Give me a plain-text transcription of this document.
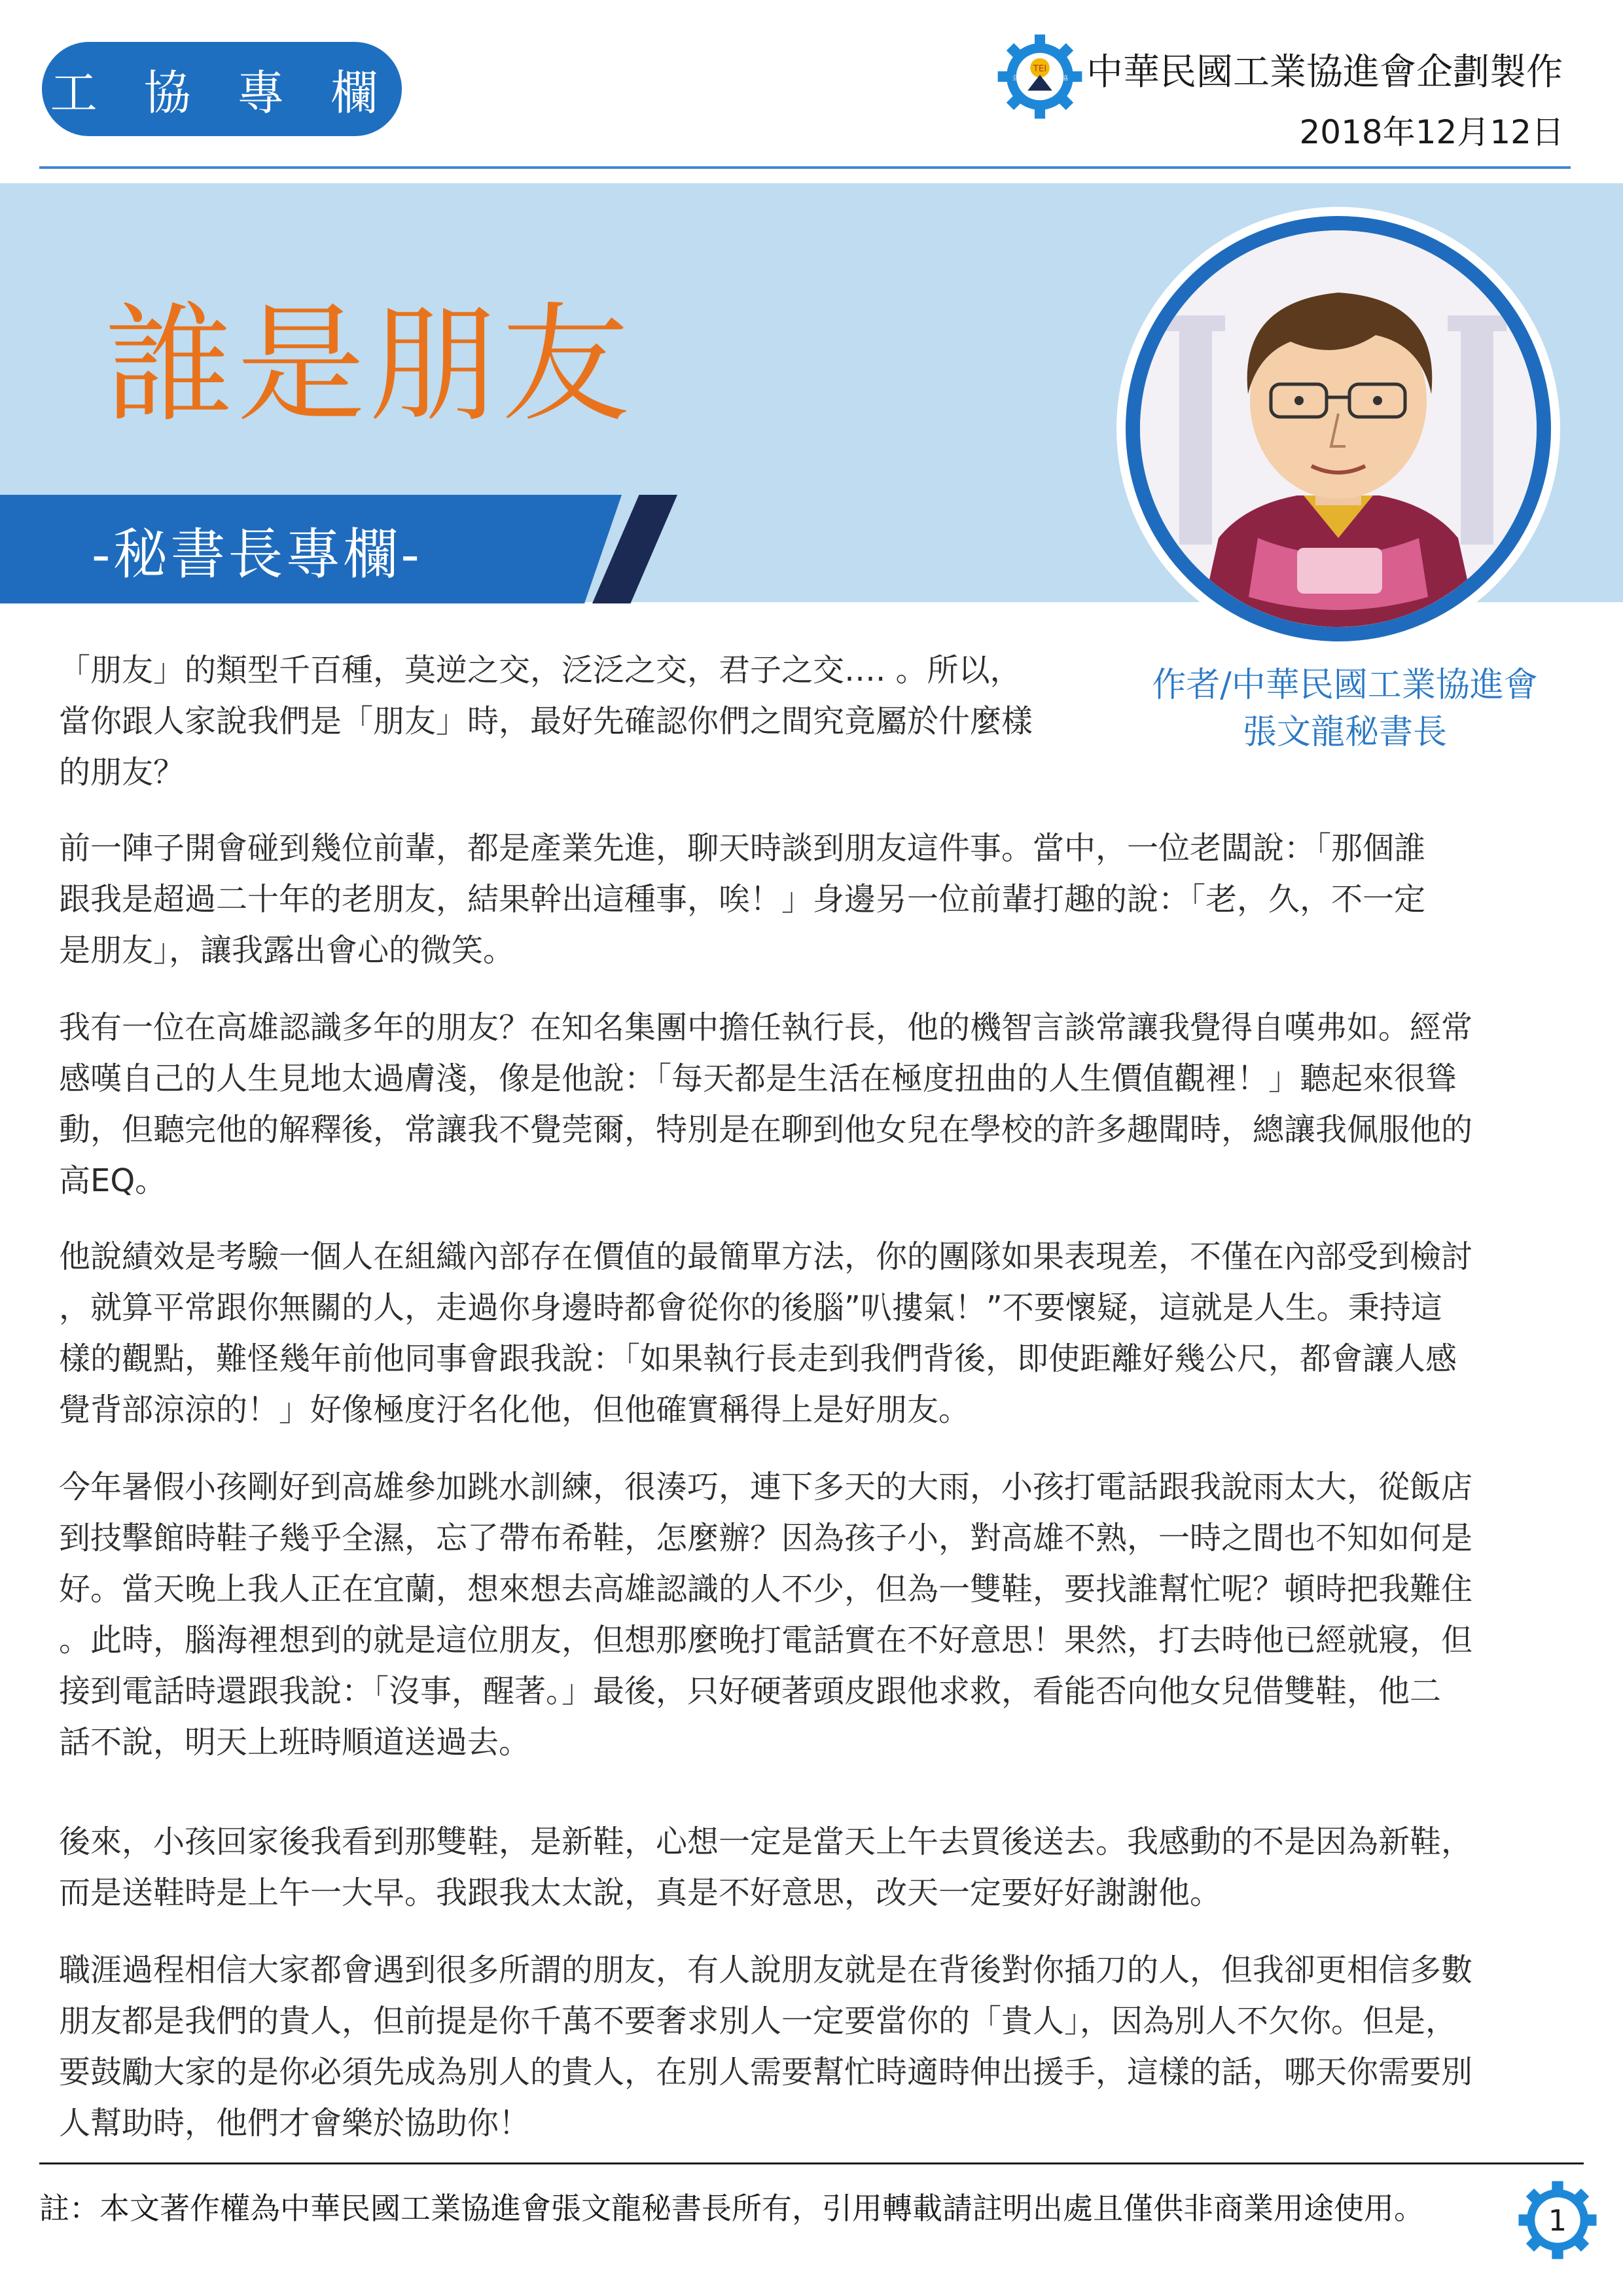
工 協 專 欄	TEI
全國	工協 中華民國工業協進會企劃製作
2018年12月12日
誰是朋友
-秘書長專欄-
作者/中華民國工業協進會
張文龍秘書長
「朋友」的類型千百種，莫逆之交，泛泛之交，君子之交…. 。所以，
當你跟人家說我們是「朋友」時，最好先確認你們之間究竟屬於什麼樣
的朋友？
前一陣子開會碰到幾位前輩，都是產業先進，聊天時談到朋友這件事。當中，一位老闆說：「那個誰
跟我是超過二十年的老朋友，結果幹出這種事，唉！」身邊另一位前輩打趣的說：「老，久，不一定
是朋友」，讓我露出會心的微笑。
我有一位在高雄認識多年的朋友？在知名集團中擔任執行長，他的機智言談常讓我覺得自嘆弗如。經常
感嘆自己的人生見地太過膚淺，像是他說：「每天都是生活在極度扭曲的人生價值觀裡！」聽起來很聳
動，但聽完他的解釋後，常讓我不覺莞爾，特別是在聊到他女兒在學校的許多趣聞時，總讓我佩服他的
高EQ。
他說績效是考驗一個人在組織內部存在價值的最簡單方法，你的團隊如果表現差，不僅在內部受到檢討
，就算平常跟你無關的人，走過你身邊時都會從你的後腦”叭摟氣！”不要懷疑，這就是人生。秉持這
樣的觀點，難怪幾年前他同事會跟我說：「如果執行長走到我們背後，即使距離好幾公尺，都會讓人感
覺背部涼涼的！」好像極度汙名化他，但他確實稱得上是好朋友。
今年暑假小孩剛好到高雄參加跳水訓練，很湊巧，連下多天的大雨，小孩打電話跟我說雨太大，從飯店
到技擊館時鞋子幾乎全濕，忘了帶布希鞋，怎麼辦？因為孩子小，對高雄不熟，一時之間也不知如何是
好。當天晚上我人正在宜蘭，想來想去高雄認識的人不少，但為一雙鞋，要找誰幫忙呢？頓時把我難住
。此時，腦海裡想到的就是這位朋友，但想那麼晚打電話實在不好意思！果然，打去時他已經就寢，但
接到電話時還跟我說：「沒事，醒著。」最後，只好硬著頭皮跟他求救，看能否向他女兒借雙鞋，他二
話不說，明天上班時順道送過去。
後來，小孩回家後我看到那雙鞋，是新鞋，心想一定是當天上午去買後送去。我感動的不是因為新鞋，
而是送鞋時是上午一大早。我跟我太太說，真是不好意思，改天一定要好好謝謝他。
職涯過程相信大家都會遇到很多所謂的朋友，有人說朋友就是在背後對你插刀的人，但我卻更相信多數
朋友都是我們的貴人，但前提是你千萬不要奢求別人一定要當你的「貴人」，因為別人不欠你。但是，
要鼓勵大家的是你必須先成為別人的貴人，在別人需要幫忙時適時伸出援手，這樣的話，哪天你需要別
人幫助時，他們才會樂於協助你！
註：本文著作權為中華民國工業協進會張文龍秘書長所有，引用轉載請註明出處且僅供非商業用途使用。	1
